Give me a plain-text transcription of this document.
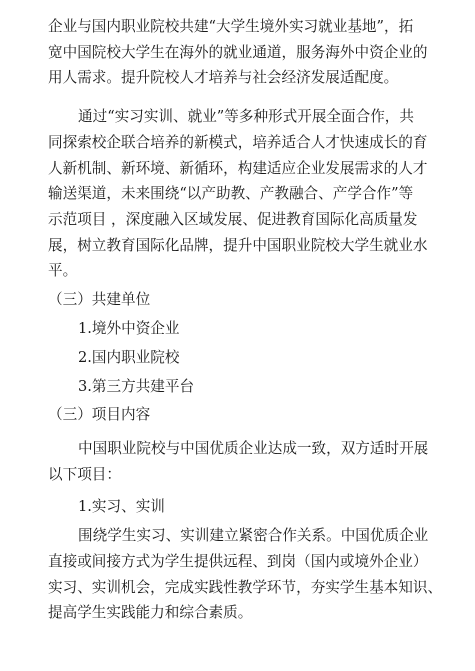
企业与国内职业院校共建“大学生境外实习就业基地”，拓
宽中国院校大学生在海外的就业通道，服务海外中资企业的
用人需求。提升院校人才培养与社会经济发展适配度。
通过“实习实训、就业”等多种形式开展全面合作，共
同探索校企联合培养的新模式，培养适合人才快速成长的育
人新机制、新环境、新循环，构建适应企业发展需求的人才
输送渠道，未来围绕“以产助教、产教融合、产学合作”等
示范项目 ，深度融入区域发展、促进教育国际化高质量发
展，树立教育国际化品牌，提升中国职业院校大学生就业水
平。
（三）共建单位
1.境外中资企业
2.国内职业院校
3.第三方共建平台
（三）项目内容
中国职业院校与中国优质企业达成一致，双方适时开展
以下项目：
1.实习、实训
围绕学生实习、实训建立紧密合作关系。中国优质企业
直接或间接方式为学生提供远程、到岗（国内或境外企业）
实习、实训机会，完成实践性教学环节，夯实学生基本知识、
提高学生实践能力和综合素质。
